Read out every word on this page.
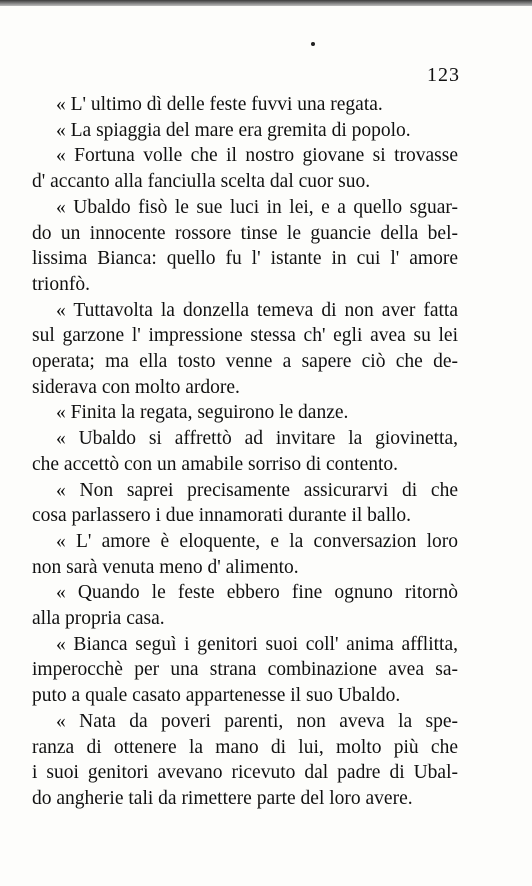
123
« L' ultimo dì delle feste fuvvi una regata.
« La spiaggia del mare era gremita di popolo.
« Fortuna volle che il nostro giovane si trovasse
d' accanto alla fanciulla scelta dal cuor suo.
« Ubaldo fisò le sue luci in lei, e a quello sguar-
do un innocente rossore tinse le guancie della bel-
lissima Bianca: quello fu l' istante in cui l' amore
trionfò.
« Tuttavolta la donzella temeva di non aver fatta
sul garzone l' impressione stessa ch' egli avea su lei
operata; ma ella tosto venne a sapere ciò che de-
siderava con molto ardore.
« Finita la regata, seguirono le danze.
« Ubaldo si affrettò ad invitare la giovinetta,
che accettò con un amabile sorriso di contento.
« Non saprei precisamente assicurarvi di che
cosa parlassero i due innamorati durante il ballo.
« L' amore è eloquente, e la conversazion loro
non sarà venuta meno d' alimento.
« Quando le feste ebbero fine ognuno ritornò
alla propria casa.
« Bianca seguì i genitori suoi coll' anima afflitta,
imperocchè per una strana combinazione avea sa-
puto a quale casato appartenesse il suo Ubaldo.
« Nata da poveri parenti, non aveva la spe-
ranza di ottenere la mano di lui, molto più che
i suoi genitori avevano ricevuto dal padre di Ubal-
do angherie tali da rimettere parte del loro avere.
